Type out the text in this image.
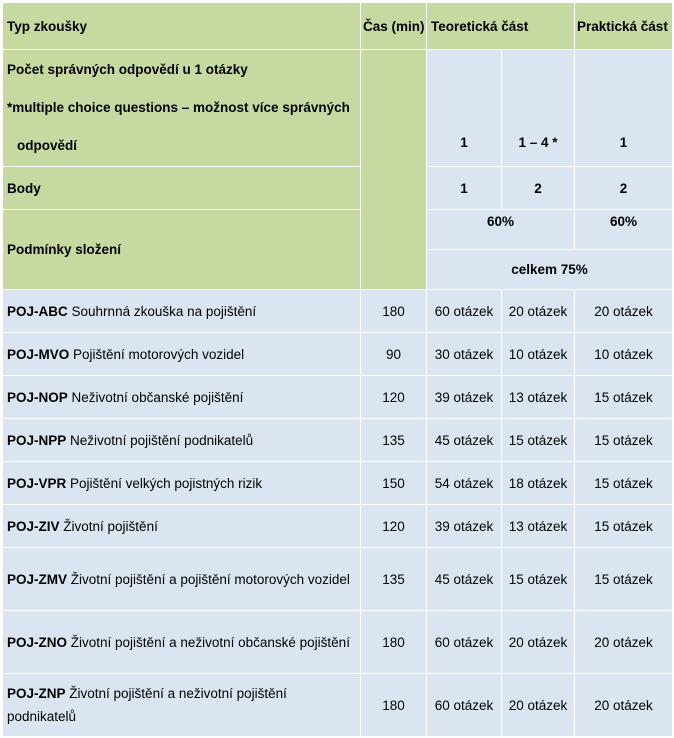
Typ zkoušky	Čas (min)	Teoretická část		Praktická část

Počet správných odpovědí u 1 otázky
*multiple choice questions – možnost více správných
odpovědí		1	1 – 4 *	1
Body		1	2	2
Podmínky složení		60%		60%
		celkem 75%		
POJ-ABC Souhrnná zkouška na pojištění	180	60 otázek	20 otázek	20 otázek
POJ-MVO Pojištění motorových vozidel	90	30 otázek	10 otázek	10 otázek
POJ-NOP Neživotní občanské pojištění	120	39 otázek	13 otázek	15 otázek
POJ-NPP Neživotní pojištění podnikatelů	135	45 otázek	15 otázek	15 otázek
POJ-VPR Pojištění velkých pojistných rizik	150	54 otázek	18 otázek	15 otázek
POJ-ZIV Životní pojištění	120	39 otázek	13 otázek	15 otázek
POJ-ZMV Životní pojištění a pojištění motorových vozidel	135	45 otázek	15 otázek	15 otázek
POJ-ZNO Životní pojištění a neživotní občanské pojištění	180	60 otázek	20 otázek	20 otázek
POJ-ZNP Životní pojištění a neživotní pojištění podnikatelů	180	60 otázek	20 otázek	20 otázek
